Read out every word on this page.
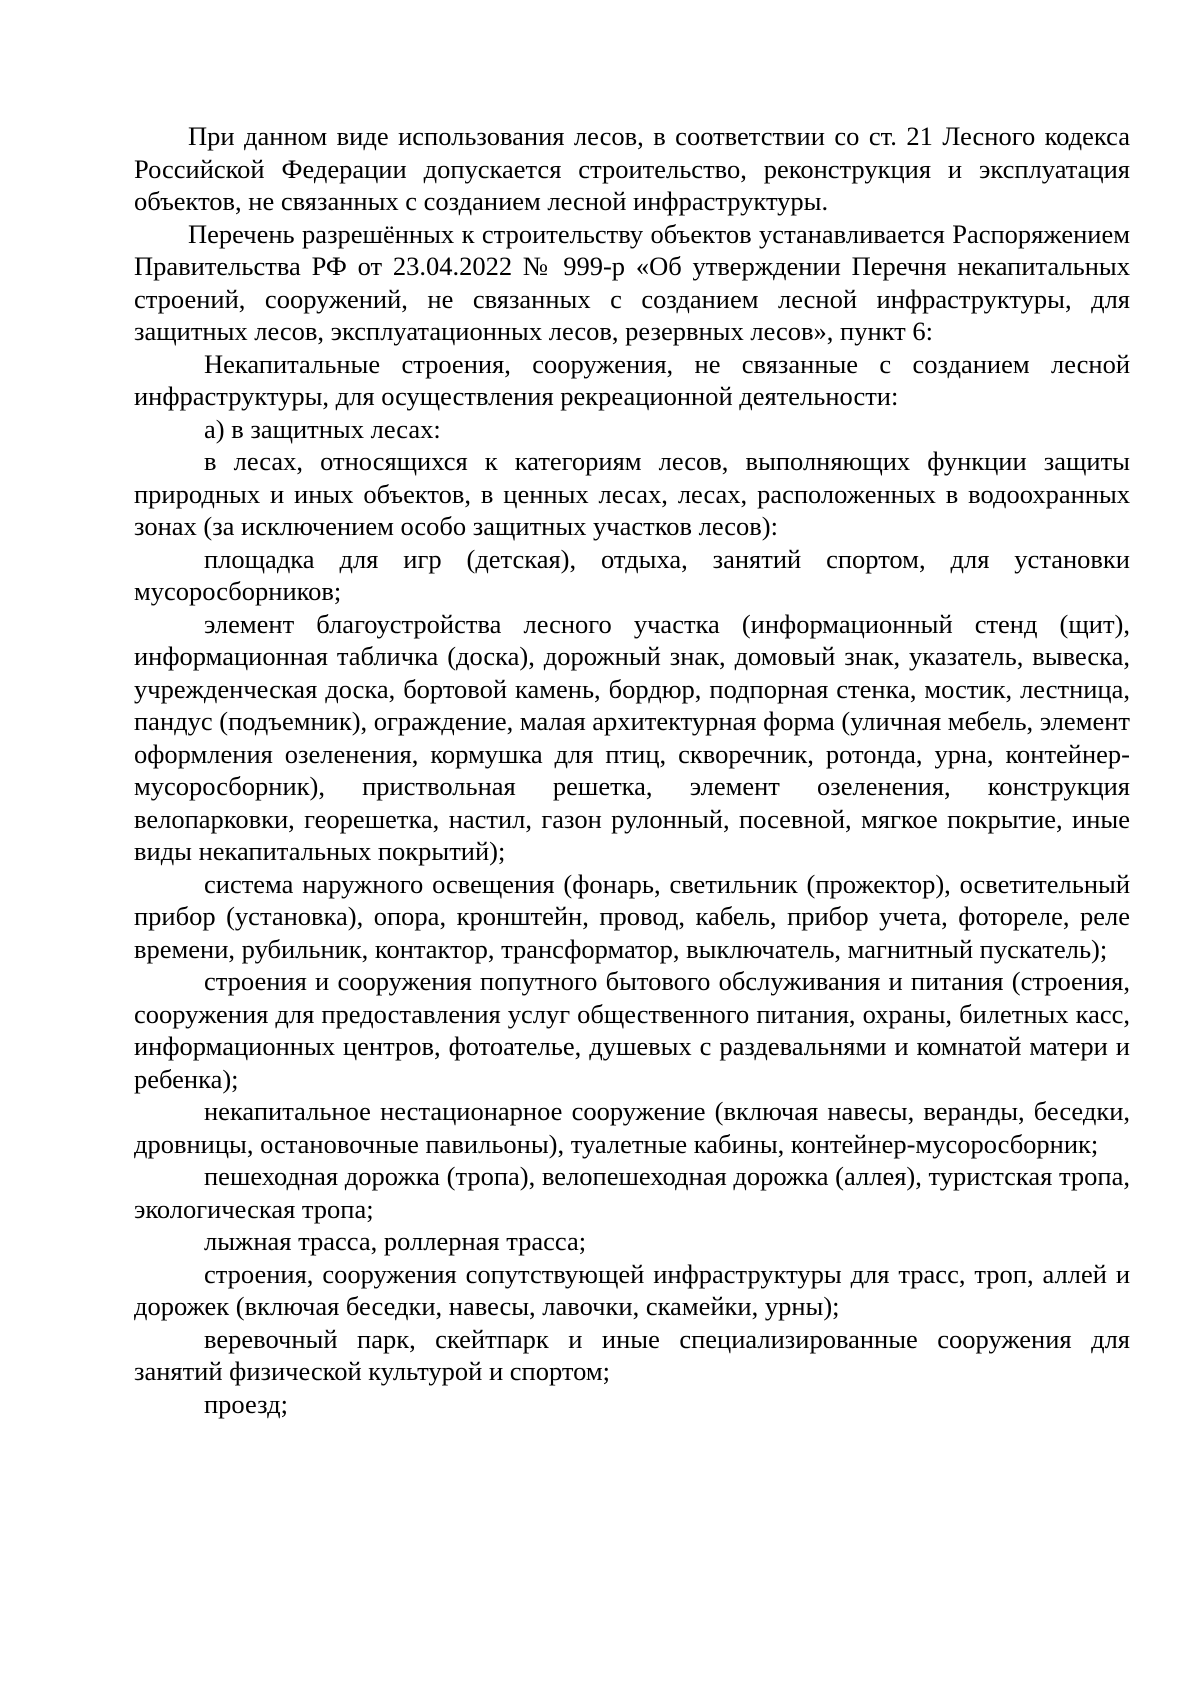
При данном виде использования лесов, в соответствии со ст. 21 Лесного кодекса Российской Федерации допускается строительство, реконструкция и эксплуатация объектов, не связанных с созданием лесной инфраструктуры.

Перечень разрешённых к строительству объектов устанавливается Распоряжением Правительства РФ от 23.04.2022 № 999-р «Об утверждении Перечня некапитальных строений, сооружений, не связанных с созданием лесной инфраструктуры, для защитных лесов, эксплуатационных лесов, резервных лесов», пункт 6:

Некапитальные строения, сооружения, не связанные с созданием лесной инфраструктуры, для осуществления рекреационной деятельности:

а) в защитных лесах:

в лесах, относящихся к категориям лесов, выполняющих функции защиты природных и иных объектов, в ценных лесах, лесах, расположенных в водоохранных зонах (за исключением особо защитных участков лесов):

площадка для игр (детская), отдыха, занятий спортом, для установки мусоросборников;

элемент благоустройства лесного участка (информационный стенд (щит), информационная табличка (доска), дорожный знак, домовый знак, указатель, вывеска, учрежденческая доска, бортовой камень, бордюр, подпорная стенка, мостик, лестница, пандус (подъемник), ограждение, малая архитектурная форма (уличная мебель, элемент оформления озеленения, кормушка для птиц, скворечник, ротонда, урна, контейнер-мусоросборник), приствольная решетка, элемент озеленения, конструкция велопарковки, георешетка, настил, газон рулонный, посевной, мягкое покрытие, иные виды некапитальных покрытий);

система наружного освещения (фонарь, светильник (прожектор), осветительный прибор (установка), опора, кронштейн, провод, кабель, прибор учета, фотореле, реле времени, рубильник, контактор, трансформатор, выключатель, магнитный пускатель);

строения и сооружения попутного бытового обслуживания и питания (строения, сооружения для предоставления услуг общественного питания, охраны, билетных касс, информационных центров, фотоателье, душевых с раздевальнями и комнатой матери и ребенка);

некапитальное нестационарное сооружение (включая навесы, веранды, беседки, дровницы, остановочные павильоны), туалетные кабины, контейнер-мусоросборник;

пешеходная дорожка (тропа), велопешеходная дорожка (аллея), туристская тропа, экологическая тропа;

лыжная трасса, роллерная трасса;

строения, сооружения сопутствующей инфраструктуры для трасс, троп, аллей и дорожек (включая беседки, навесы, лавочки, скамейки, урны);

веревочный парк, скейтпарк и иные специализированные сооружения для занятий физической культурой и спортом;

проезд;
